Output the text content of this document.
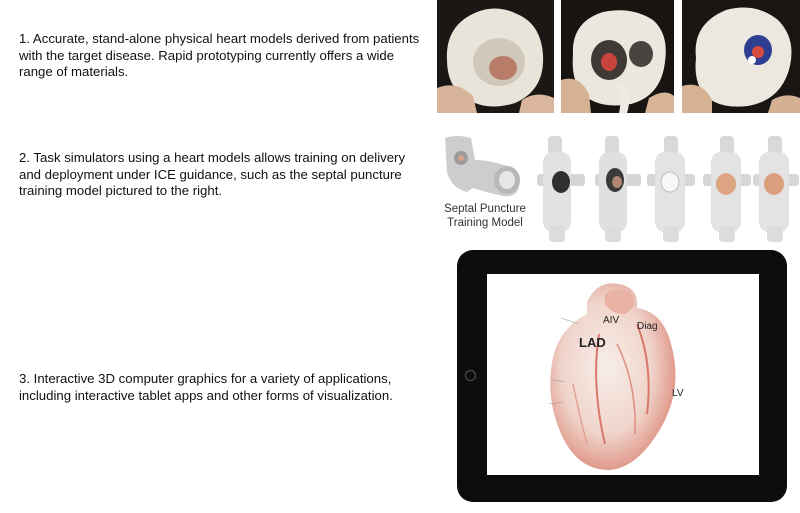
1. Accurate, stand-alone physical heart models derived from patients with the target disease. Rapid prototyping currently offers a wide range of materials.
2. Task simulators using a heart models allows training on delivery and deployment under ICE guidance, such as the septal puncture training model pictured to the right.
3. Interactive 3D computer graphics for a variety of applications, including interactive tablet apps and other forms of visualization.
Septal Puncture Training Model
AIV
Diag
LAD
LV
